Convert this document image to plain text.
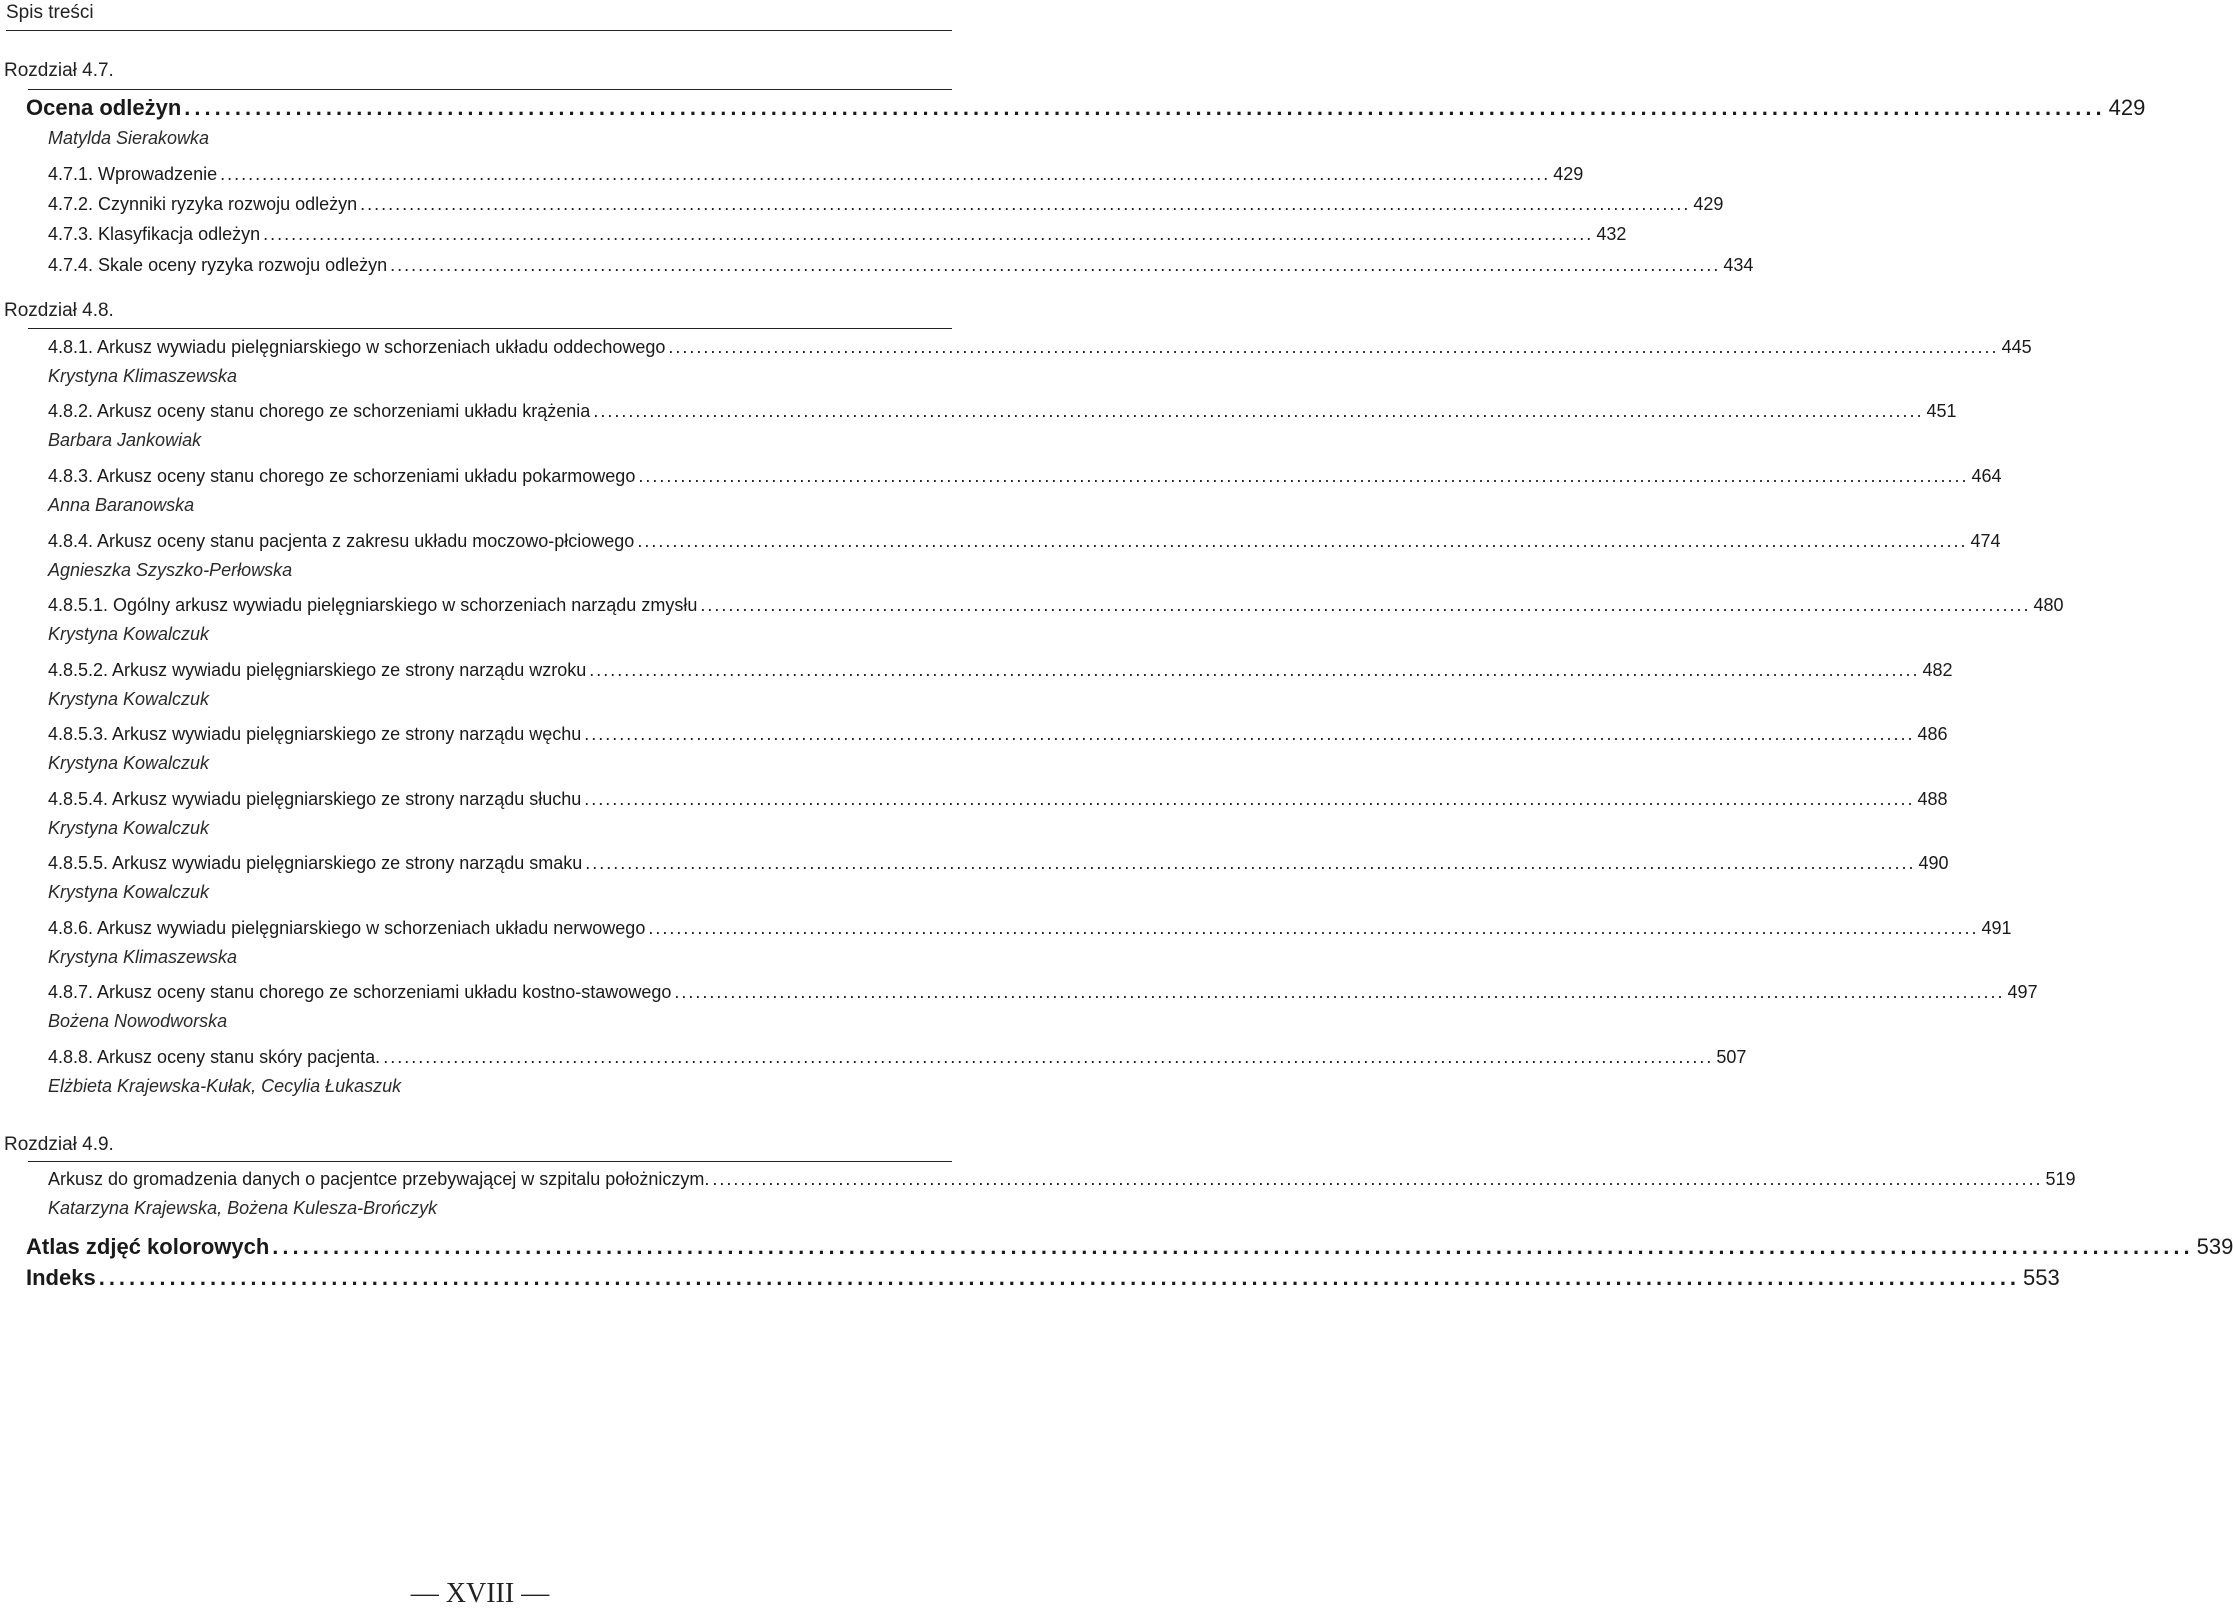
Spis treści
Rozdział 4.7.
Ocena odleżyn .............................................................................................................................................................................................. 429
Matylda Sierakowka
4.7.1. Wprowadzenie .............................................................................................................................................................................................. 429
4.7.2. Czynniki ryzyka rozwoju odleżyn .............................................................................................................................................................................................. 429
4.7.3. Klasyfikacja odleżyn .............................................................................................................................................................................................. 432
4.7.4. Skale oceny ryzyka rozwoju odleżyn .............................................................................................................................................................................................. 434
Rozdział 4.8.
4.8.1. Arkusz wywiadu pielęgniarskiego w schorzeniach układu oddechowego .............................................................................................................................................................................................. 445
Krystyna Klimaszewska
4.8.2. Arkusz oceny stanu chorego ze schorzeniami układu krążenia .............................................................................................................................................................................................. 451
Barbara Jankowiak
4.8.3. Arkusz oceny stanu chorego ze schorzeniami układu pokarmowego .............................................................................................................................................................................................. 464
Anna Baranowska
4.8.4. Arkusz oceny stanu pacjenta z zakresu układu moczowo-płciowego .............................................................................................................................................................................................. 474
Agnieszka Szyszko-Perłowska
4.8.5.1. Ogólny arkusz wywiadu pielęgniarskiego w schorzeniach narządu zmysłu .............................................................................................................................................................................................. 480
Krystyna Kowalczuk
4.8.5.2. Arkusz wywiadu pielęgniarskiego ze strony narządu wzroku .............................................................................................................................................................................................. 482
Krystyna Kowalczuk
4.8.5.3. Arkusz wywiadu pielęgniarskiego ze strony narządu węchu .............................................................................................................................................................................................. 486
Krystyna Kowalczuk
4.8.5.4. Arkusz wywiadu pielęgniarskiego ze strony narządu słuchu .............................................................................................................................................................................................. 488
Krystyna Kowalczuk
4.8.5.5. Arkusz wywiadu pielęgniarskiego ze strony narządu smaku .............................................................................................................................................................................................. 490
Krystyna Kowalczuk
4.8.6. Arkusz wywiadu pielęgniarskiego w schorzeniach układu nerwowego .............................................................................................................................................................................................. 491
Krystyna Klimaszewska
4.8.7. Arkusz oceny stanu chorego ze schorzeniami układu kostno-stawowego .............................................................................................................................................................................................. 497
Bożena Nowodworska
4.8.8. Arkusz oceny stanu skóry pacjenta. .............................................................................................................................................................................................. 507
Elżbieta Krajewska-Kułak, Cecylia Łukaszuk
Rozdział 4.9.
Arkusz do gromadzenia danych o pacjentce przebywającej w szpitalu położniczym. .............................................................................................................................................................................................. 519
Katarzyna Krajewska, Bożena Kulesza-Brończyk
Atlas zdjęć kolorowych .............................................................................................................................................................................................. 539
Indeks .............................................................................................................................................................................................. 553
— XVIII —
